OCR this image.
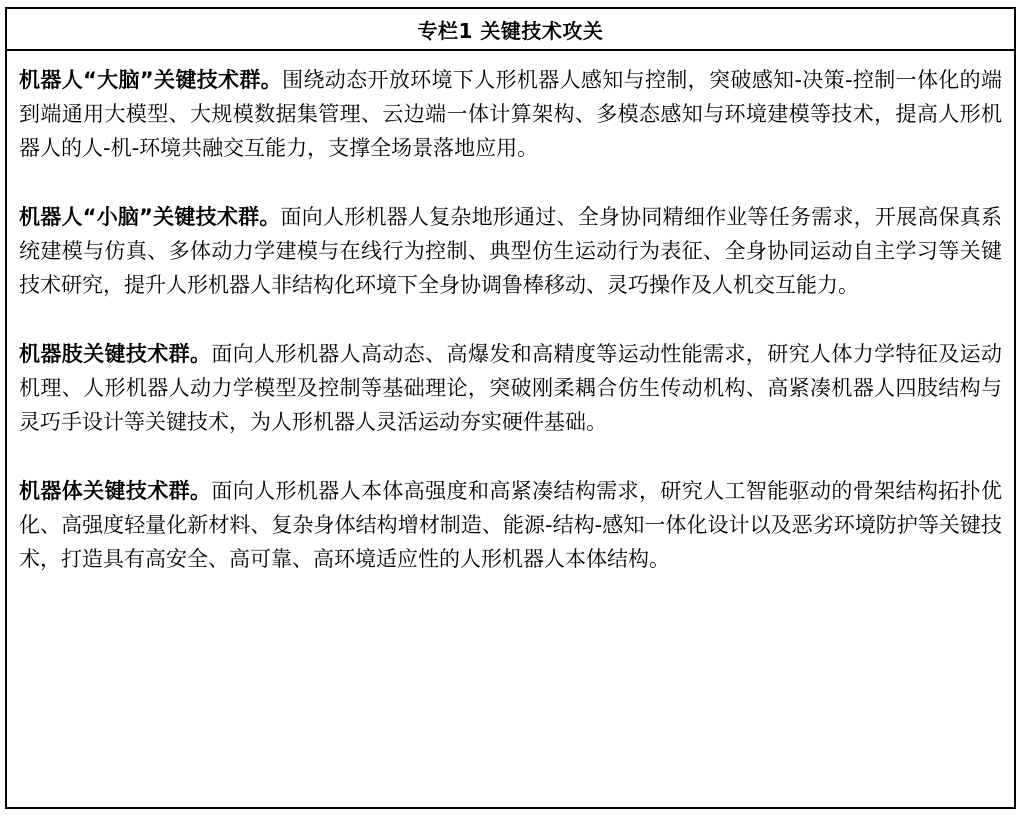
专栏1 关键技术攻关

机器人“大脑”关键技术群。围绕动态开放环境下人形机器人感知与控制，突破感知-决策-控制一体化的端到端通用大模型、大规模数据集管理、云边端一体计算架构、多模态感知与环境建模等技术，提高人形机器人的人-机-环境共融交互能力，支撑全场景落地应用。

机器人“小脑”关键技术群。面向人形机器人复杂地形通过、全身协同精细作业等任务需求，开展高保真系统建模与仿真、多体动力学建模与在线行为控制、典型仿生运动行为表征、全身协同运动自主学习等关键技术研究，提升人形机器人非结构化环境下全身协调鲁棒移动、灵巧操作及人机交互能力。

机器肢关键技术群。面向人形机器人高动态、高爆发和高精度等运动性能需求，研究人体力学特征及运动机理、人形机器人动力学模型及控制等基础理论，突破刚柔耦合仿生传动机构、高紧凑机器人四肢结构与灵巧手设计等关键技术，为人形机器人灵活运动夯实硬件基础。

机器体关键技术群。面向人形机器人本体高强度和高紧凑结构需求，研究人工智能驱动的骨架结构拓扑优化、高强度轻量化新材料、复杂身体结构增材制造、能源-结构-感知一体化设计以及恶劣环境防护等关键技术，打造具有高安全、高可靠、高环境适应性的人形机器人本体结构。
